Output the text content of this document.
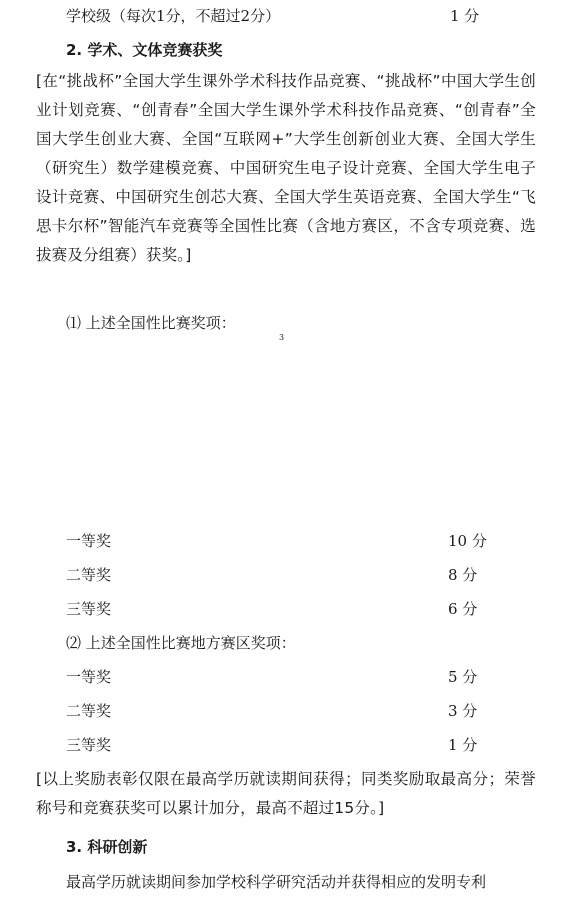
学校级（每次1分，不超过2分）	1 分
2. 学术、文体竞赛获奖
[在“挑战杯”全国大学生课外学术科技作品竞赛、“挑战杯”中国大学生创业计划竞赛、“创青春”全国大学生课外学术科技作品竞赛、“创青春”全国大学生创业大赛、全国“互联网+”大学生创新创业大赛、全国大学生（研究生）数学建模竞赛、中国研究生电子设计竞赛、全国大学生电子设计竞赛、中国研究生创芯大赛、全国大学生英语竞赛、全国大学生“飞思卡尔杯”智能汽车竞赛等全国性比赛（含地方赛区，不含专项竞赛、选拔赛及分组赛）获奖。]
⑴ 上述全国性比赛奖项：
3
一等奖	10 分
二等奖	8 分
三等奖	6 分
⑵ 上述全国性比赛地方赛区奖项：
一等奖	5 分
二等奖	3 分
三等奖	1 分
[以上奖励表彰仅限在最高学历就读期间获得；同类奖励取最高分；荣誉称号和竞赛获奖可以累计加分，最高不超过15分。]
3. 科研创新
最高学历就读期间参加学校科学研究活动并获得相应的发明专利
